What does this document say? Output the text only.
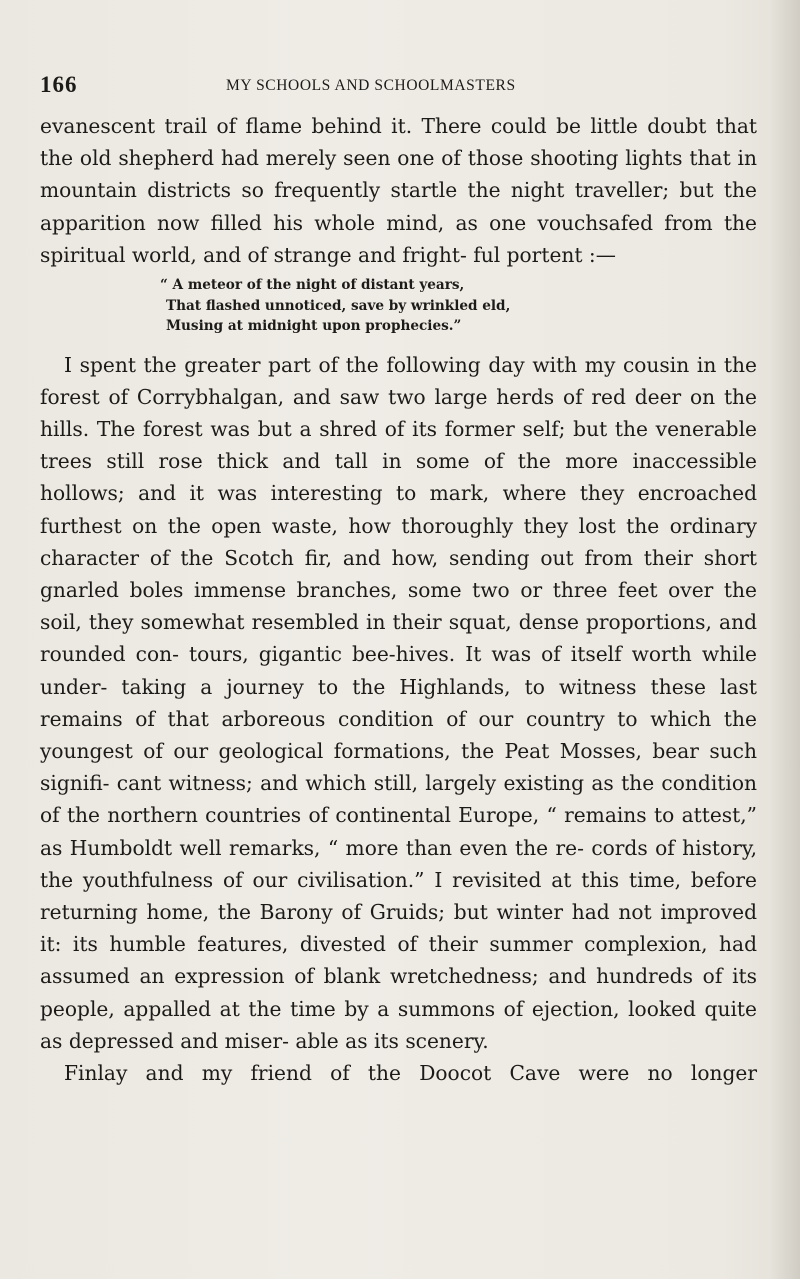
166	MY SCHOOLS AND SCHOOLMASTERS

evanescent trail of flame behind it. There could be little doubt that the old shepherd had merely seen one of those shooting lights that in mountain districts so frequently startle the night traveller; but the apparition now filled his whole mind, as one vouchsafed from the spiritual world, and of strange and fright- ful portent :—

“ A meteor of the night of distant years,
That flashed unnoticed, save by wrinkled eld,
Musing at midnight upon prophecies.”

I spent the greater part of the following day with my cousin in the forest of Corrybhalgan, and saw two large herds of red deer on the hills. The forest was but a shred of its former self; but the venerable trees still rose thick and tall in some of the more inaccessible hollows; and it was interesting to mark, where they encroached furthest on the open waste, how thoroughly they lost the ordinary character of the Scotch fir, and how, sending out from their short gnarled boles immense branches, some two or three feet over the soil, they somewhat resembled in their squat, dense proportions, and rounded con- tours, gigantic bee-hives. It was of itself worth while under- taking a journey to the Highlands, to witness these last remains of that arboreous condition of our country to which the youngest of our geological formations, the Peat Mosses, bear such signifi- cant witness; and which still, largely existing as the condition of the northern countries of continental Europe, “ remains to attest,” as Humboldt well remarks, “ more than even the re- cords of history, the youthfulness of our civilisation.” I revisited at this time, before returning home, the Barony of Gruids; but winter had not improved it: its humble features, divested of their summer complexion, had assumed an expression of blank wretchedness; and hundreds of its people, appalled at the time by a summons of ejection, looked quite as depressed and miser- able as its scenery.

Finlay and my friend of the Doocot Cave were no longer
